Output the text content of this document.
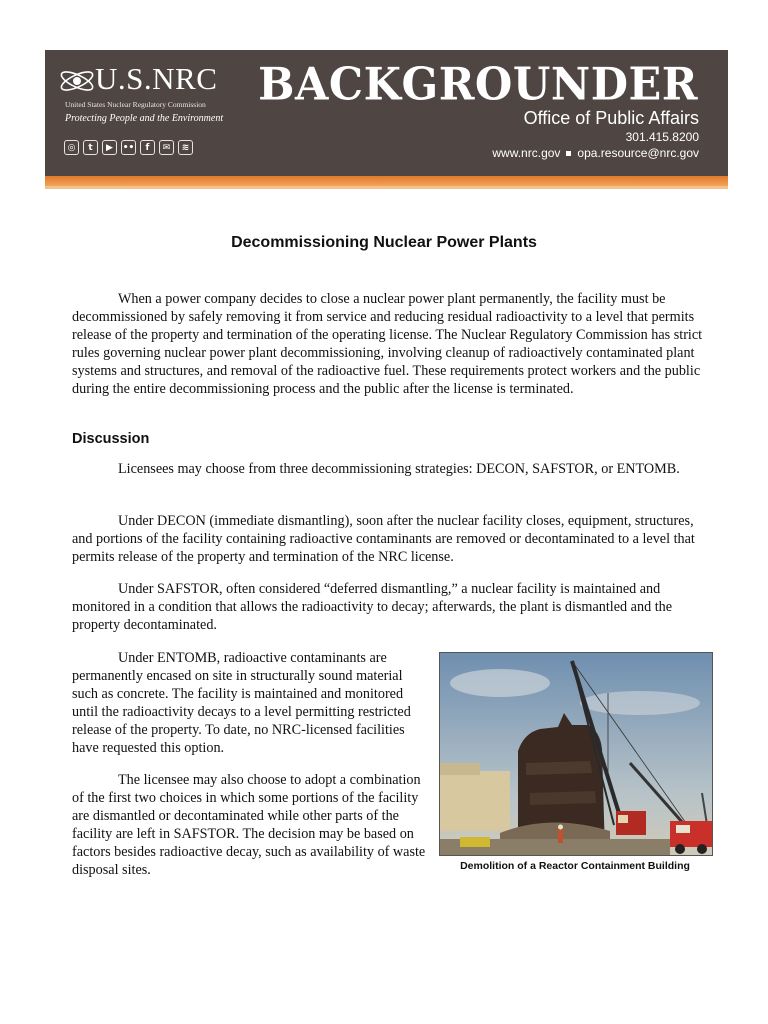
U.S.NRC
United States Nuclear Regulatory Commission
Protecting People and the Environment
◎	t	▶	••	f	✉	≋
BACKGROUNDER
Office of Public Affairs
301.415.8200
www.nrc.gov opa.resource@nrc.gov
Decommissioning Nuclear Power Plants

When a power company decides to close a nuclear power plant permanently, the facility must be decommissioned by safely removing it from service and reducing residual radioactivity to a level that permits release of the property and termination of the operating license. The Nuclear Regulatory Commission has strict rules governing nuclear power plant decommissioning, involving cleanup of radioactively contaminated plant systems and structures, and removal of the radioactive fuel. These requirements protect workers and the public during the entire decommissioning process and the public after the license is terminated.

Discussion

Licensees may choose from three decommissioning strategies: DECON, SAFSTOR, or ENTOMB.

Under DECON (immediate dismantling), soon after the nuclear facility closes, equipment, structures, and portions of the facility containing radioactive contaminants are removed or decontaminated to a level that permits release of the property and termination of the NRC license.

Under SAFSTOR, often considered “deferred dismantling,” a nuclear facility is maintained and monitored in a condition that allows the radioactivity to decay; afterwards, the plant is dismantled and the property decontaminated.

Under ENTOMB, radioactive contaminants are permanently encased on site in structurally sound material such as concrete. The facility is maintained and monitored until the radioactivity decays to a level permitting restricted release of the property. To date, no NRC-licensed facilities have requested this option.

The licensee may also choose to adopt a combination of the first two choices in which some portions of the facility are dismantled or decontaminated while other parts of the facility are left in SAFSTOR. The decision may be based on factors besides radioactive decay, such as availability of waste disposal sites.	Demolition of a Reactor Containment Building
